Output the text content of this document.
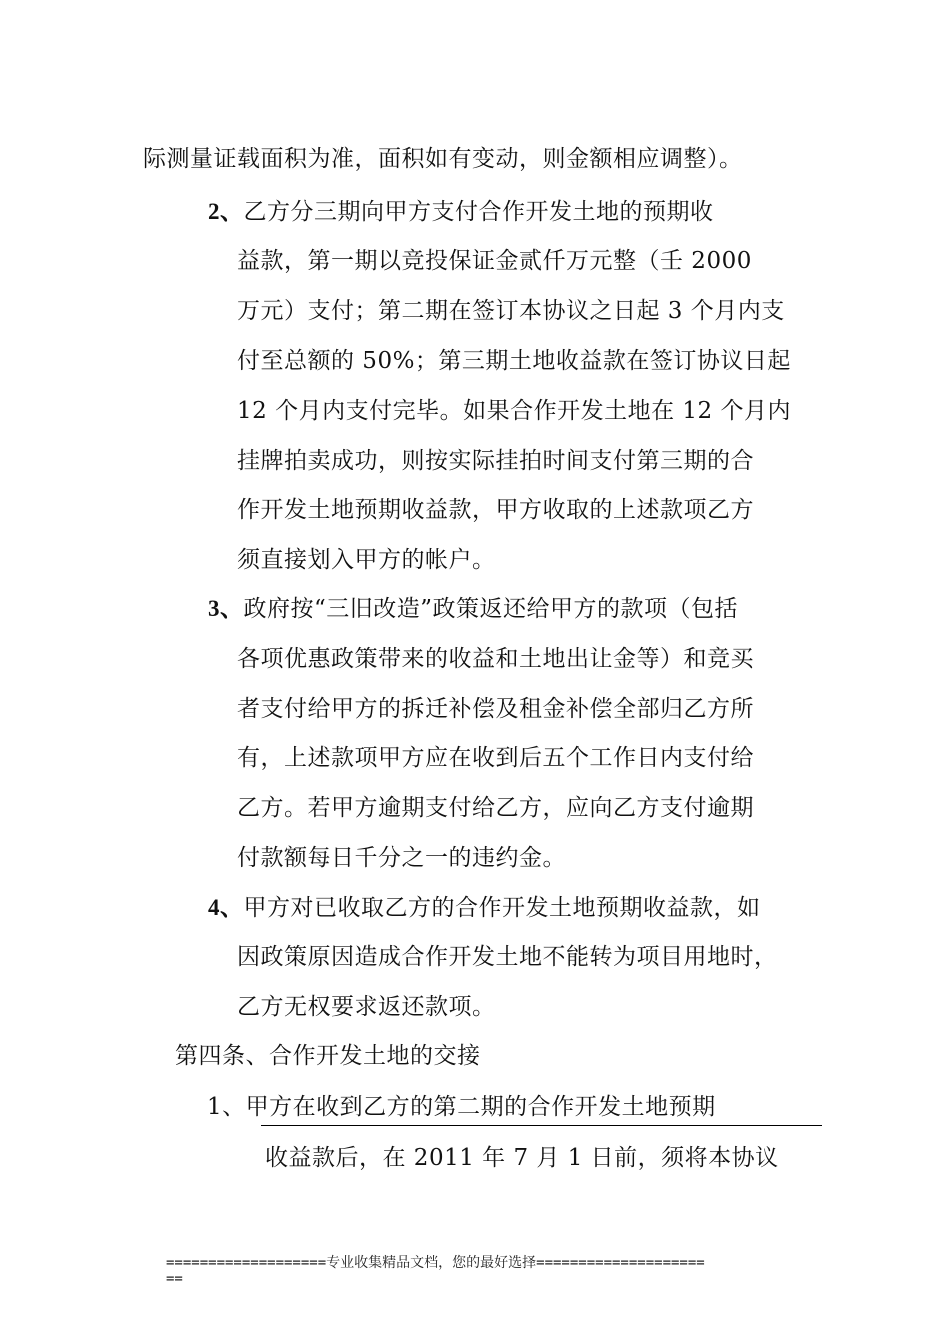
际测量证载面积为准，面积如有变动，则金额相应调整）。
2、乙方分三期向甲方支付合作开发土地的预期收
益款，第一期以竞投保证金贰仟万元整（壬 2000
万元）支付；第二期在签订本协议之日起 3 个月内支
付至总额的 50%；第三期土地收益款在签订协议日起
12 个月内支付完毕。如果合作开发土地在 12 个月内
挂牌拍卖成功，则按实际挂拍时间支付第三期的合
作开发土地预期收益款，甲方收取的上述款项乙方
须直接划入甲方的帐户。
3、政府按“三旧改造”政策返还给甲方的款项（包括
各项优惠政策带来的收益和土地出让金等）和竞买
者支付给甲方的拆迁补偿及租金补偿全部归乙方所
有，上述款项甲方应在收到后五个工作日内支付给
乙方。若甲方逾期支付给乙方，应向乙方支付逾期
付款额每日千分之一的违约金。
4、甲方对已收取乙方的合作开发土地预期收益款，如
因政策原因造成合作开发土地不能转为项目用地时，
乙方无权要求返还款项。
第四条、合作开发土地的交接
1、甲方在收到乙方的第二期的合作开发土地预期
收益款后，在 2011 年 7 月 1 日前，须将本协议
===================专业收集精品文档，您的最好选择====================
==
